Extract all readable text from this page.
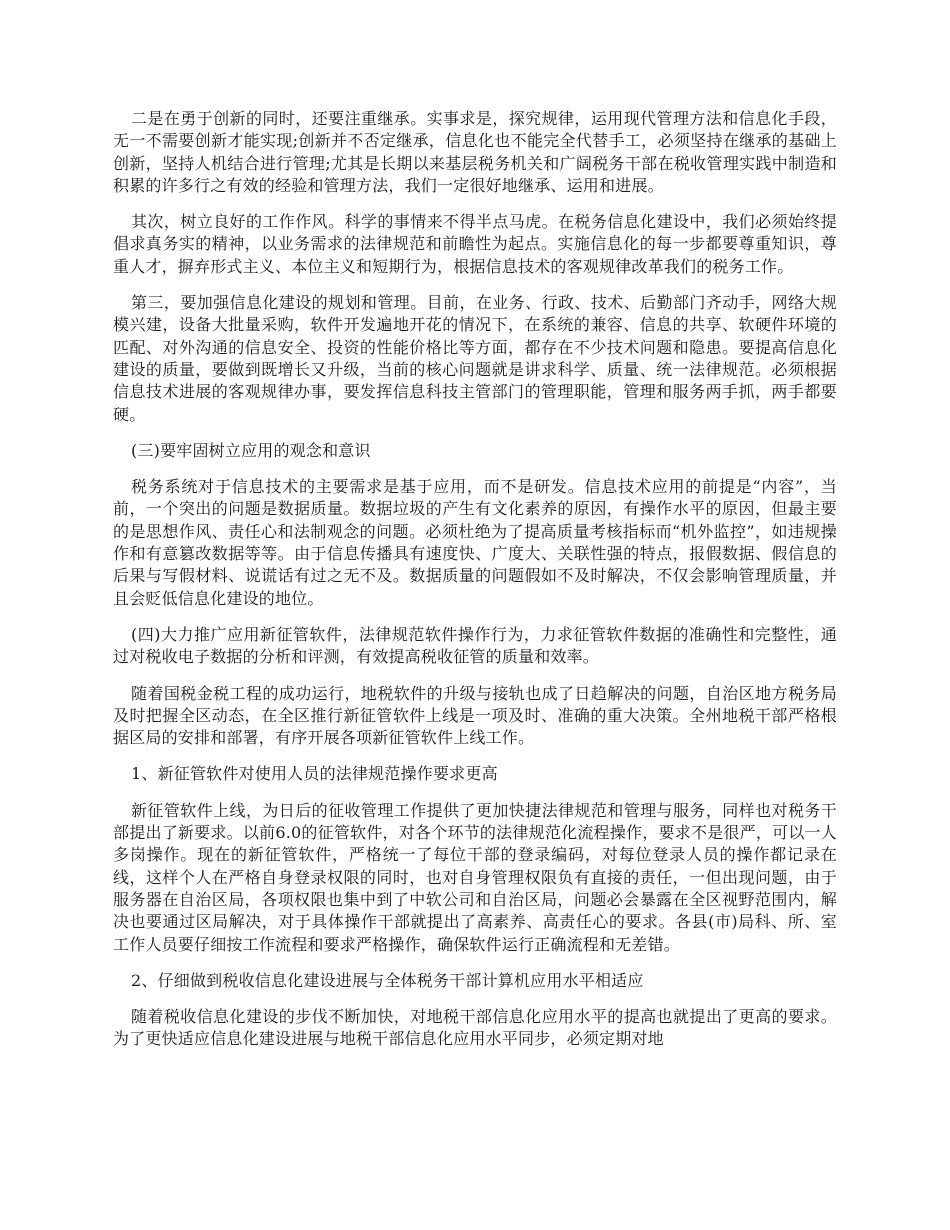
二是在勇于创新的同时，还要注重继承。实事求是，探究规律，运用现代管理方法和信息化手段，无一不需要创新才能实现;创新并不否定继承，信息化也不能完全代替手工，必须坚持在继承的基础上创新，坚持人机结合进行管理;尤其是长期以来基层税务机关和广阔税务干部在税收管理实践中制造和积累的许多行之有效的经验和管理方法，我们一定很好地继承、运用和进展。

其次，树立良好的工作作风。科学的事情来不得半点马虎。在税务信息化建设中，我们必须始终提倡求真务实的精神，以业务需求的法律规范和前瞻性为起点。实施信息化的每一步都要尊重知识，尊重人才，摒弃形式主义、本位主义和短期行为，根据信息技术的客观规律改革我们的税务工作。

第三，要加强信息化建设的规划和管理。目前，在业务、行政、技术、后勤部门齐动手，网络大规模兴建，设备大批量采购，软件开发遍地开花的情况下，在系统的兼容、信息的共享、软硬件环境的匹配、对外沟通的信息安全、投资的性能价格比等方面，都存在不少技术问题和隐患。要提高信息化建设的质量，要做到既增长又升级，当前的核心问题就是讲求科学、质量、统一法律规范。必须根据信息技术进展的客观规律办事，要发挥信息科技主管部门的管理职能，管理和服务两手抓，两手都要硬。

(三)要牢固树立应用的观念和意识

税务系统对于信息技术的主要需求是基于应用，而不是研发。信息技术应用的前提是“内容”，当前，一个突出的问题是数据质量。数据垃圾的产生有文化素养的原因，有操作水平的原因，但最主要的是思想作风、责任心和法制观念的问题。必须杜绝为了提高质量考核指标而“机外监控”，如违规操作和有意篡改数据等等。由于信息传播具有速度快、广度大、关联性强的特点，报假数据、假信息的后果与写假材料、说谎话有过之无不及。数据质量的问题假如不及时解决，不仅会影响管理质量，并且会贬低信息化建设的地位。

(四)大力推广应用新征管软件，法律规范软件操作行为，力求征管软件数据的准确性和完整性，通过对税收电子数据的分析和评测，有效提高税收征管的质量和效率。

随着国税金税工程的成功运行，地税软件的升级与接轨也成了日趋解决的问题，自治区地方税务局及时把握全区动态，在全区推行新征管软件上线是一项及时、准确的重大决策。全州地税干部严格根据区局的安排和部署，有序开展各项新征管软件上线工作。

1、新征管软件对使用人员的法律规范操作要求更高

新征管软件上线，为日后的征收管理工作提供了更加快捷法律规范和管理与服务，同样也对税务干部提出了新要求。以前6.0的征管软件，对各个环节的法律规范化流程操作，要求不是很严，可以一人多岗操作。现在的新征管软件，严格统一了每位干部的登录编码，对每位登录人员的操作都记录在线，这样个人在严格自身登录权限的同时，也对自身管理权限负有直接的责任，一但出现问题，由于服务器在自治区局，各项权限也集中到了中软公司和自治区局，问题必会暴露在全区视野范围内，解决也要通过区局解决，对于具体操作干部就提出了高素养、高责任心的要求。各县(市)局科、所、室工作人员要仔细按工作流程和要求严格操作，确保软件运行正确流程和无差错。

2、仔细做到税收信息化建设进展与全体税务干部计算机应用水平相适应

随着税收信息化建设的步伐不断加快，对地税干部信息化应用水平的提高也就提出了更高的要求。为了更快适应信息化建设进展与地税干部信息化应用水平同步，必须定期对地
